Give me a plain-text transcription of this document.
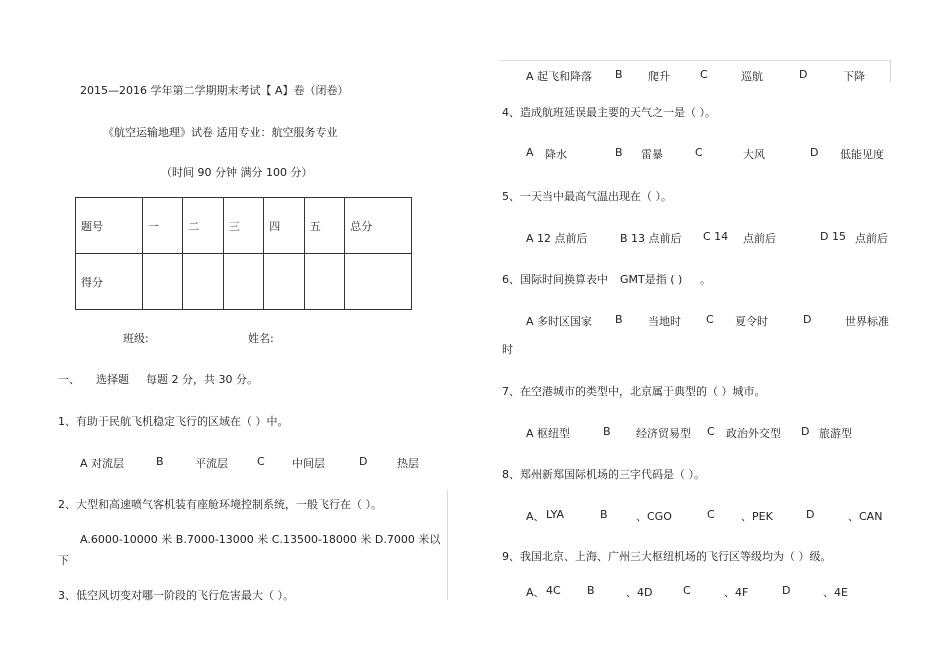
2015—2016 学年第二学期期末考试【 A】卷（闭卷）
《航空运输地理》试卷 适用专业：航空服务专业
（时间 90 分钟 满分 100 分）
题号	一	二	三	四	五	总分
得分						
班级:	姓名:
一、 选择题 每题 2 分，共 30 分。
1、有助于民航飞机稳定飞行的区域在（ ）中。
A 对流层	B	平流层	C 中间层	D	热层
2、大型和高速喷气客机装有座舱环境控制系统，一般飞行在（ ）。
A.6000-10000 米 B.7000-13000 米 C.13500-18000 米 D.7000 米以
下
3、低空风切变对哪一阶段的飞行危害最大（ ）。
A 起飞和降落 B 爬升	C	巡航	D	下降
4、造成航班延误最主要的天气之一是（ ）。
A 降水	B 雷暴	C	大风	D 低能见度
5、一天当中最高气温出现在（ ）。
A 12 点前后	B 13 点前后 C 14 点前后	D 15 点前后
6、国际时间换算表中 GMT是指 ( ) 。
A 多时区国家 B 当地时 C 夏令时	D	世界标准
时
7、在空港城市的类型中，北京属于典型的（ ）城市。
A 枢纽型	B 经济贸易型 C 政治外交型 D 旅游型
8、郑州新郑国际机场的三字代码是（ ）。
A、 LYA	B	、CGO	C 、PEK	D	、CAN
9、我国北京、上海、广州三大枢纽机场的飞行区等级均为（ ）级。
A、 4C B	、4D	C	、4F	D	、4E
